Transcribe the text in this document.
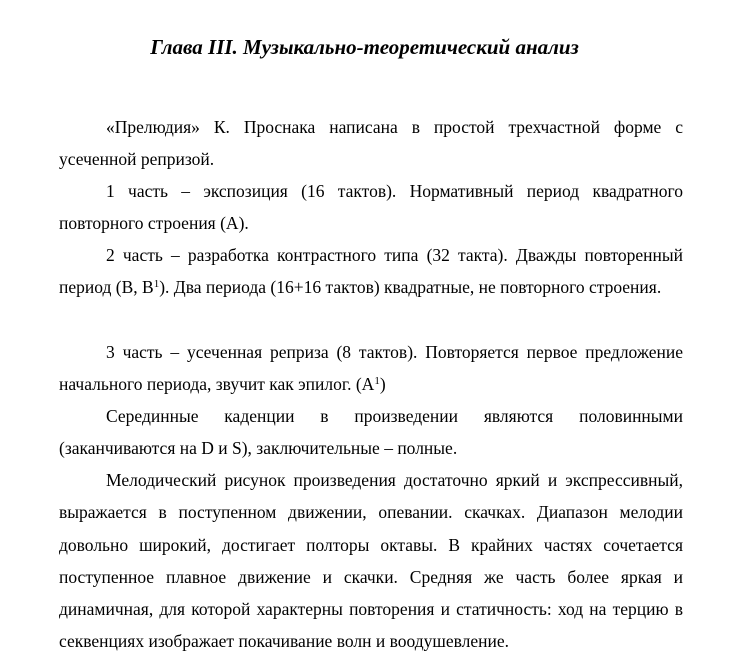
Глава III. Музыкально-теоретический анализ

«Прелюдия» К. Проснака написана в простой трехчастной форме с усеченной репризой.

1 часть – экспозиция (16 тактов). Нормативный период квадратного повторного строения (А).

2 часть – разработка контрастного типа (32 такта). Дважды повторенный период (В, $В^1$). Два периода (16+16 тактов) квадратные, не повторного строения.

3 часть – усеченная реприза (8 тактов). Повторяется первое предложение начального периода, звучит как эпилог. $(А^1)$

Серединные каденции в произведении являются половинными (заканчиваются на D и S), заключительные – полные.

Мелодический рисунок произведения достаточно яркий и экспрессивный, выражается в поступенном движении, опевании. скачках. Диапазон мелодии довольно широкий, достигает полторы октавы. В крайних частях сочетается поступенное плавное движение и скачки. Средняя же часть более яркая и динамичная, для которой характерны повторения и статичность: ход на терцию в секвенциях изображает покачивание волн и воодушевление.
